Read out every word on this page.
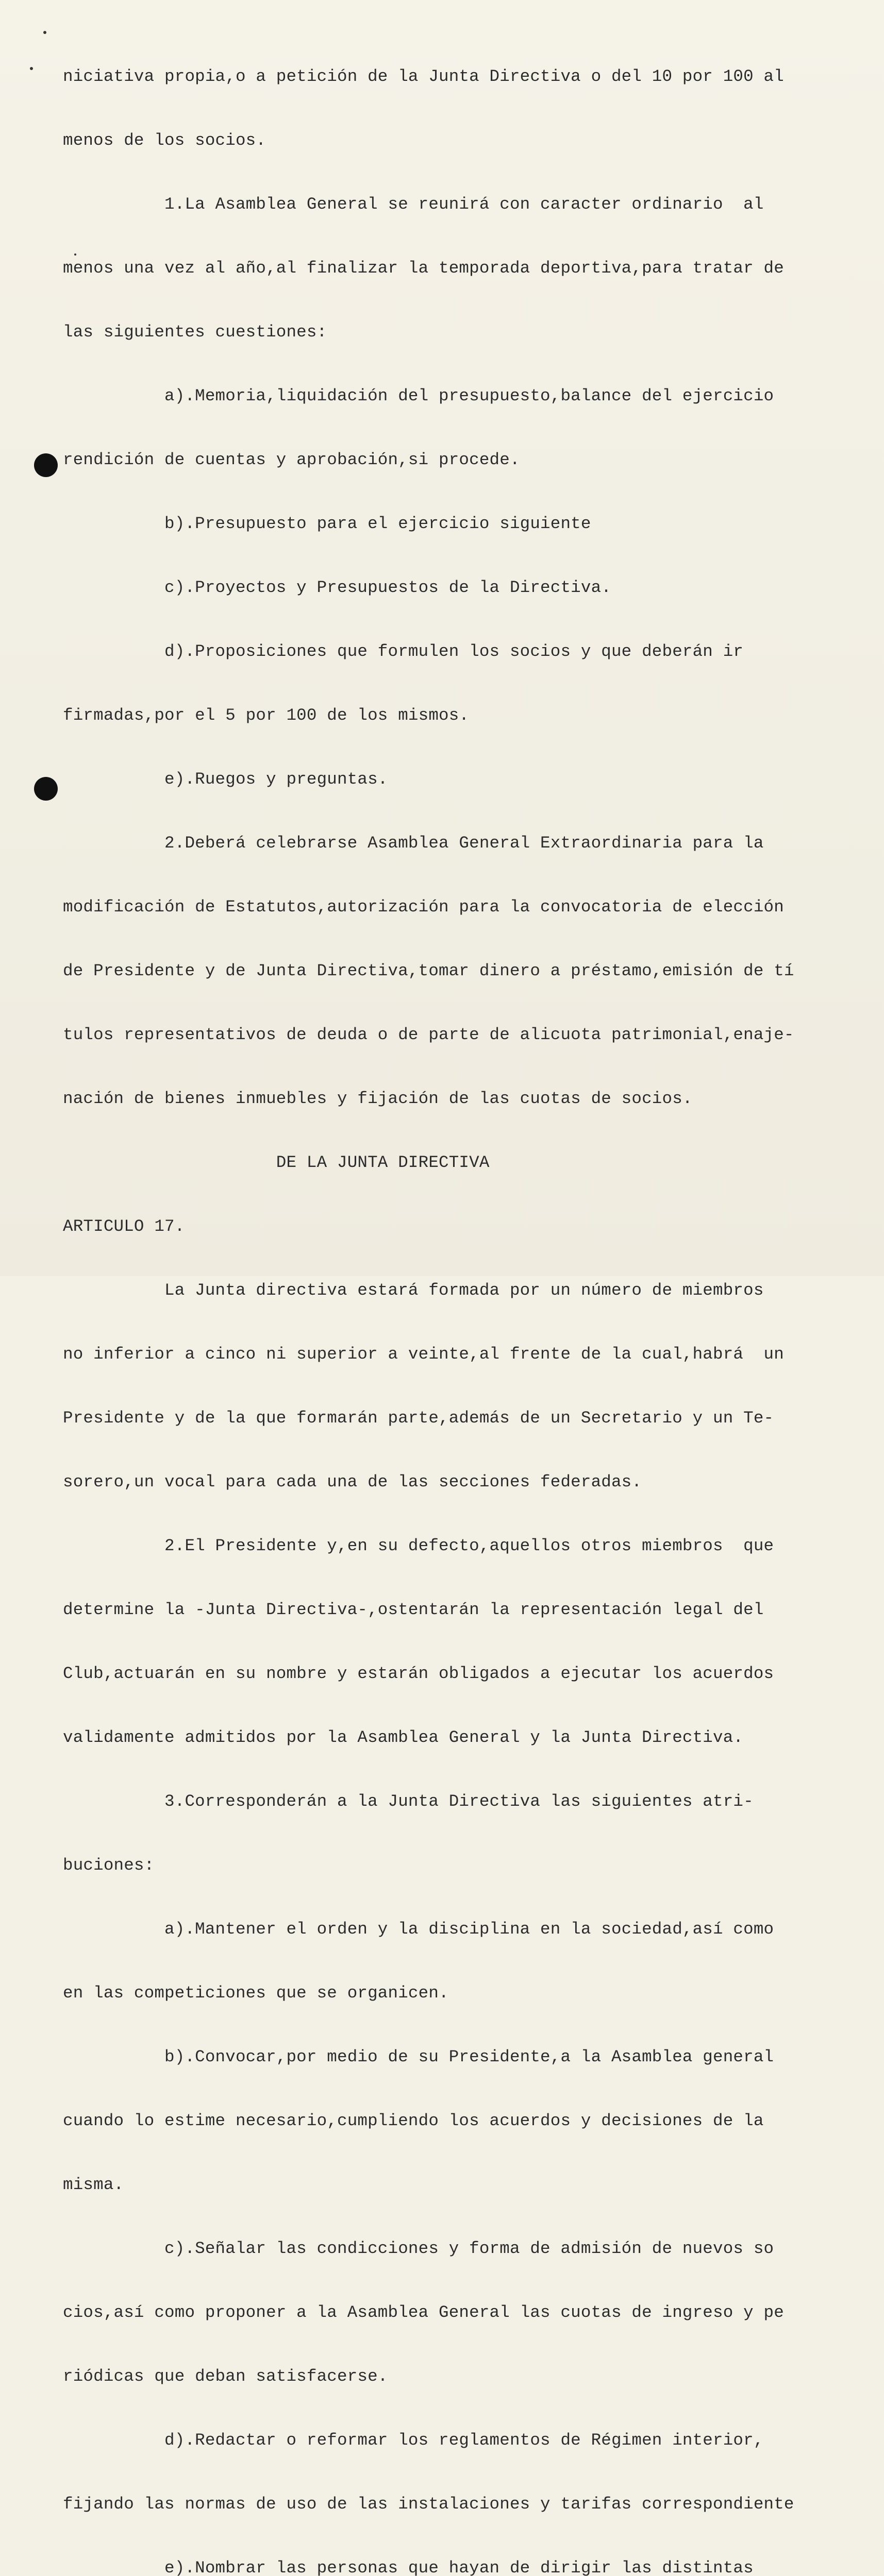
niciativa propia,o a petición de la Junta Directiva o del 10 por 100 al

menos de los socios.

1.La Asamblea General se reunirá con caracter ordinario  al

menos una vez al año,al finalizar la temporada deportiva,para tratar de

las siguientes cuestiones:

a).Memoria,liquidación del presupuesto,balance del ejercicio

rendición de cuentas y aprobación,si procede.

b).Presupuesto para el ejercicio siguiente

c).Proyectos y Presupuestos de la Directiva.

d).Proposiciones que formulen los socios y que deberán ir

firmadas,por el 5 por 100 de los mismos.

e).Ruegos y preguntas.

2.Deberá celebrarse Asamblea General Extraordinaria para la

modificación de Estatutos,autorización para la convocatoria de elección

de Presidente y de Junta Directiva,tomar dinero a préstamo,emisión de tí

tulos representativos de deuda o de parte de alicuota patrimonial,enaje-

nación de bienes inmuebles y fijación de las cuotas de socios.

DE LA JUNTA DIRECTIVA

ARTICULO 17.

La Junta directiva estará formada por un número de miembros

no inferior a cinco ni superior a veinte,al frente de la cual,habrá  un

Presidente y de la que formarán parte,además de un Secretario y un Te-

sorero,un vocal para cada una de las secciones federadas.

2.El Presidente y,en su defecto,aquellos otros miembros  que

determine la -Junta Directiva-,ostentarán la representación legal del

Club,actuarán en su nombre y estarán obligados a ejecutar los acuerdos

validamente admitidos por la Asamblea General y la Junta Directiva.

3.Corresponderán a la Junta Directiva las siguientes atri-

buciones:

a).Mantener el orden y la disciplina en la sociedad,así como

en las competiciones que se organicen.

b).Convocar,por medio de su Presidente,a la Asamblea general

cuando lo estime necesario,cumpliendo los acuerdos y decisiones de la

misma.

c).Señalar las condicciones y forma de admisión de nuevos so

cios,así como proponer a la Asamblea General las cuotas de ingreso y pe

riódicas que deban satisfacerse.

d).Redactar o reformar los reglamentos de Régimen interior,

fijando las normas de uso de las instalaciones y tarifas correspondiente

e).Nombrar las personas que hayan de dirigir las distintas
